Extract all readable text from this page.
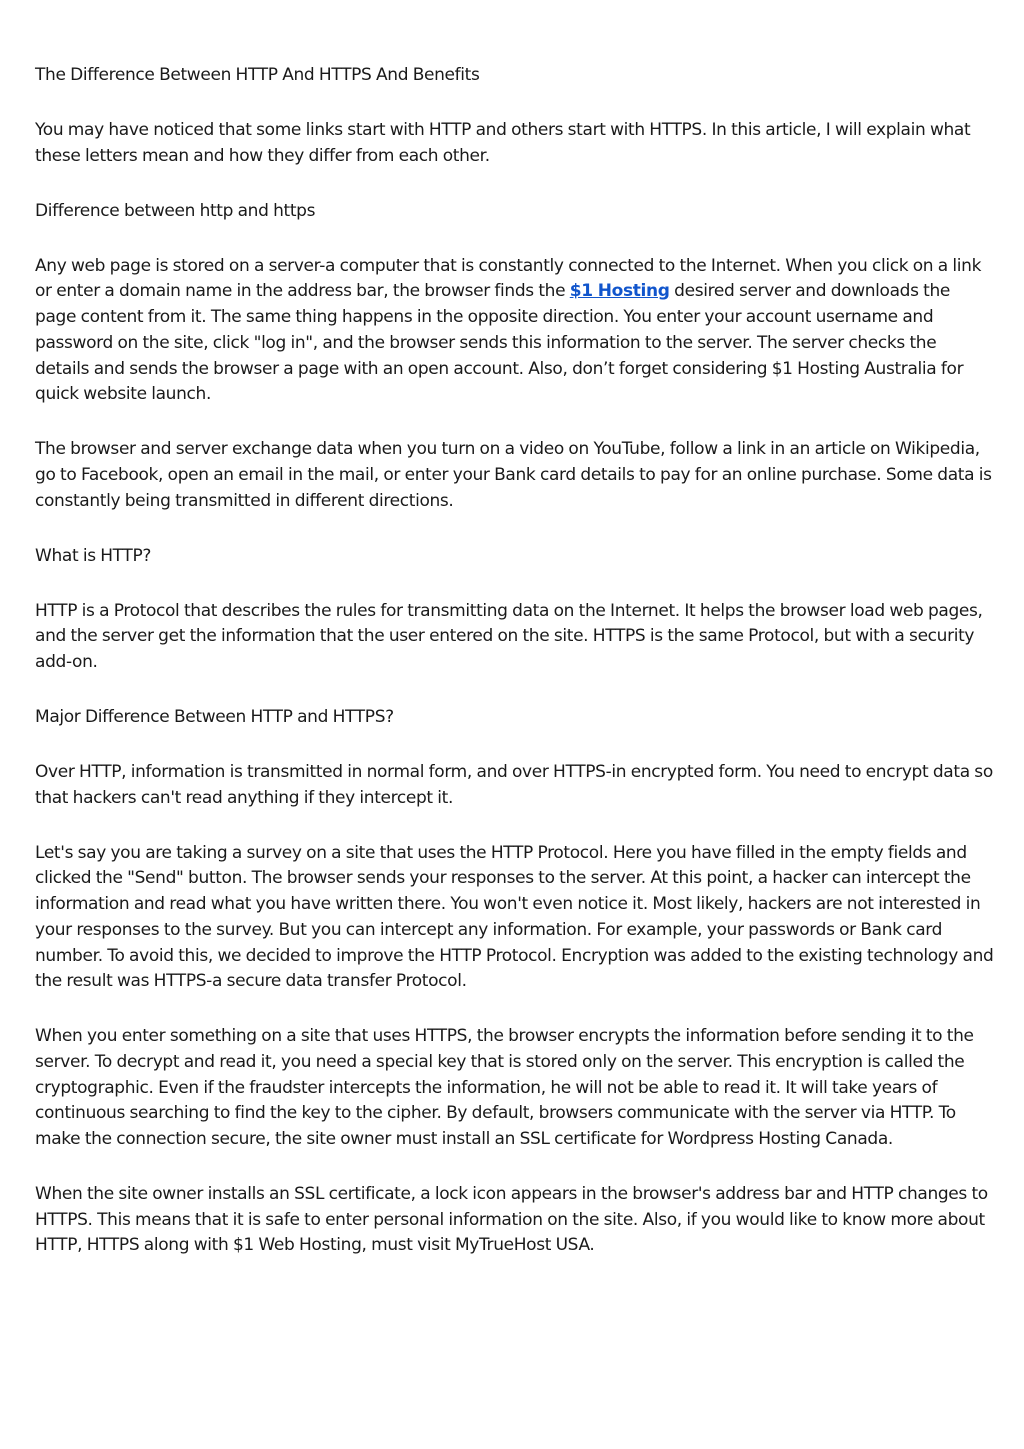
The Difference Between HTTP And HTTPS And Benefits

You may have noticed that some links start with HTTP and others start with HTTPS. In this article, I will explain what these letters mean and how they differ from each other.

Difference between http and https

Any web page is stored on a server-a computer that is constantly connected to the Internet. When you click on a link or enter a domain name in the address bar, the browser finds the $1 Hosting desired server and downloads the page content from it. The same thing happens in the opposite direction. You enter your account username and password on the site, click "log in", and the browser sends this information to the server. The server checks the details and sends the browser a page with an open account. Also, don’t forget considering $1 Hosting Australia for quick website launch.

The browser and server exchange data when you turn on a video on YouTube, follow a link in an article on Wikipedia, go to Facebook, open an email in the mail, or enter your Bank card details to pay for an online purchase. Some data is constantly being transmitted in different directions.

What is HTTP?

HTTP is a Protocol that describes the rules for transmitting data on the Internet. It helps the browser load web pages, and the server get the information that the user entered on the site. HTTPS is the same Protocol, but with a security add-on.

Major Difference Between HTTP and HTTPS?

Over HTTP, information is transmitted in normal form, and over HTTPS-in encrypted form. You need to encrypt data so that hackers can't read anything if they intercept it.

Let's say you are taking a survey on a site that uses the HTTP Protocol. Here you have filled in the empty fields and clicked the "Send" button. The browser sends your responses to the server. At this point, a hacker can intercept the information and read what you have written there. You won't even notice it. Most likely, hackers are not interested in your responses to the survey. But you can intercept any information. For example, your passwords or Bank card number. To avoid this, we decided to improve the HTTP Protocol. Encryption was added to the existing technology and the result was HTTPS-a secure data transfer Protocol.

When you enter something on a site that uses HTTPS, the browser encrypts the information before sending it to the server. To decrypt and read it, you need a special key that is stored only on the server. This encryption is called the cryptographic. Even if the fraudster intercepts the information, he will not be able to read it. It will take years of continuous searching to find the key to the cipher. By default, browsers communicate with the server via HTTP. To make the connection secure, the site owner must install an SSL certificate for Wordpress Hosting Canada.

When the site owner installs an SSL certificate, a lock icon appears in the browser's address bar and HTTP changes to HTTPS. This means that it is safe to enter personal information on the site. Also, if you would like to know more about HTTP, HTTPS along with $1 Web Hosting, must visit MyTrueHost USA.
